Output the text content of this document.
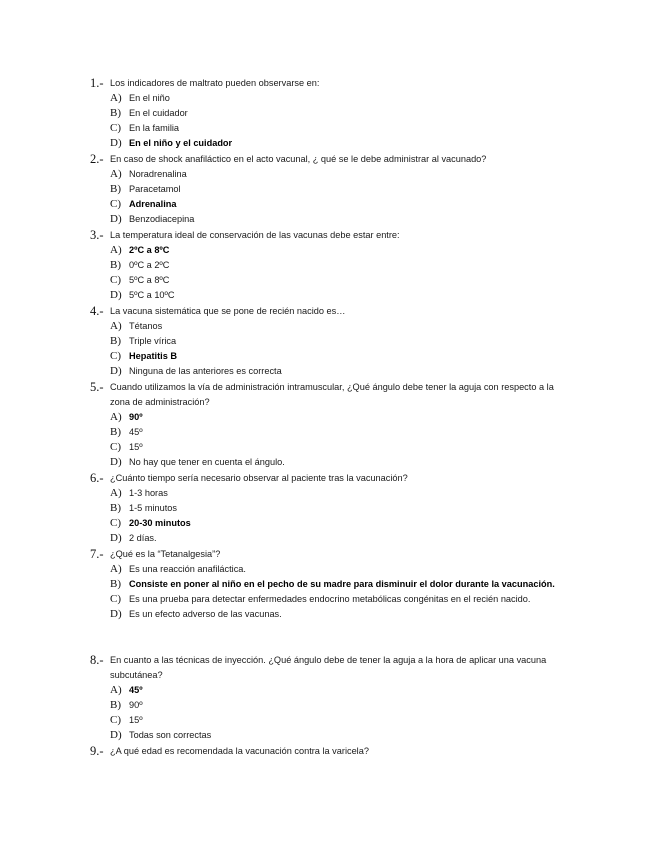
1.- Los indicadores de maltrato pueden observarse en:
A) En el niño
B) En el cuidador
C) En la familia
D) En el niño y el cuidador
2.- En caso de shock anafiláctico en el acto vacunal, ¿ qué se le debe administrar al vacunado?
A) Noradrenalina
B) Paracetamol
C) Adrenalina
D) Benzodiacepina
3.- La temperatura ideal de conservación de las vacunas debe estar entre:
A) 2ºC a 8ºC
B) 0ºC a 2ºC
C) 5ºC a 8ºC
D) 5ºC a 10ºC
4.- La vacuna sistemática que se pone de recién nacido es…
A) Tétanos
B) Triple vírica
C) Hepatitis B
D) Ninguna de las anteriores es correcta
5.- Cuando utilizamos la vía de administración intramuscular, ¿Qué ángulo debe tener la aguja con respecto a la zona de administración?
A) 90º
B) 45º
C) 15º
D) No hay que tener en cuenta el ángulo.
6.- ¿Cuánto tiempo sería necesario observar al paciente tras la vacunación?
A) 1-3 horas
B) 1-5 minutos
C) 20-30 minutos
D) 2 días.
7.- ¿Qué es la “Tetanalgesia”?
A) Es una reacción anafiláctica.
B) Consiste en poner al niño en el pecho de su madre para disminuir el dolor durante la vacunación.
C) Es una prueba para detectar enfermedades endocrino metabólicas congénitas en el recién nacido.
D) Es un efecto adverso de las vacunas.
8.- En cuanto a las técnicas de inyección. ¿Qué ángulo debe de tener la aguja a la hora de aplicar una vacuna subcutánea?
A) 45º
B) 90º
C) 15º
D) Todas son correctas
9.- ¿A qué edad es recomendada la vacunación contra la varicela?
